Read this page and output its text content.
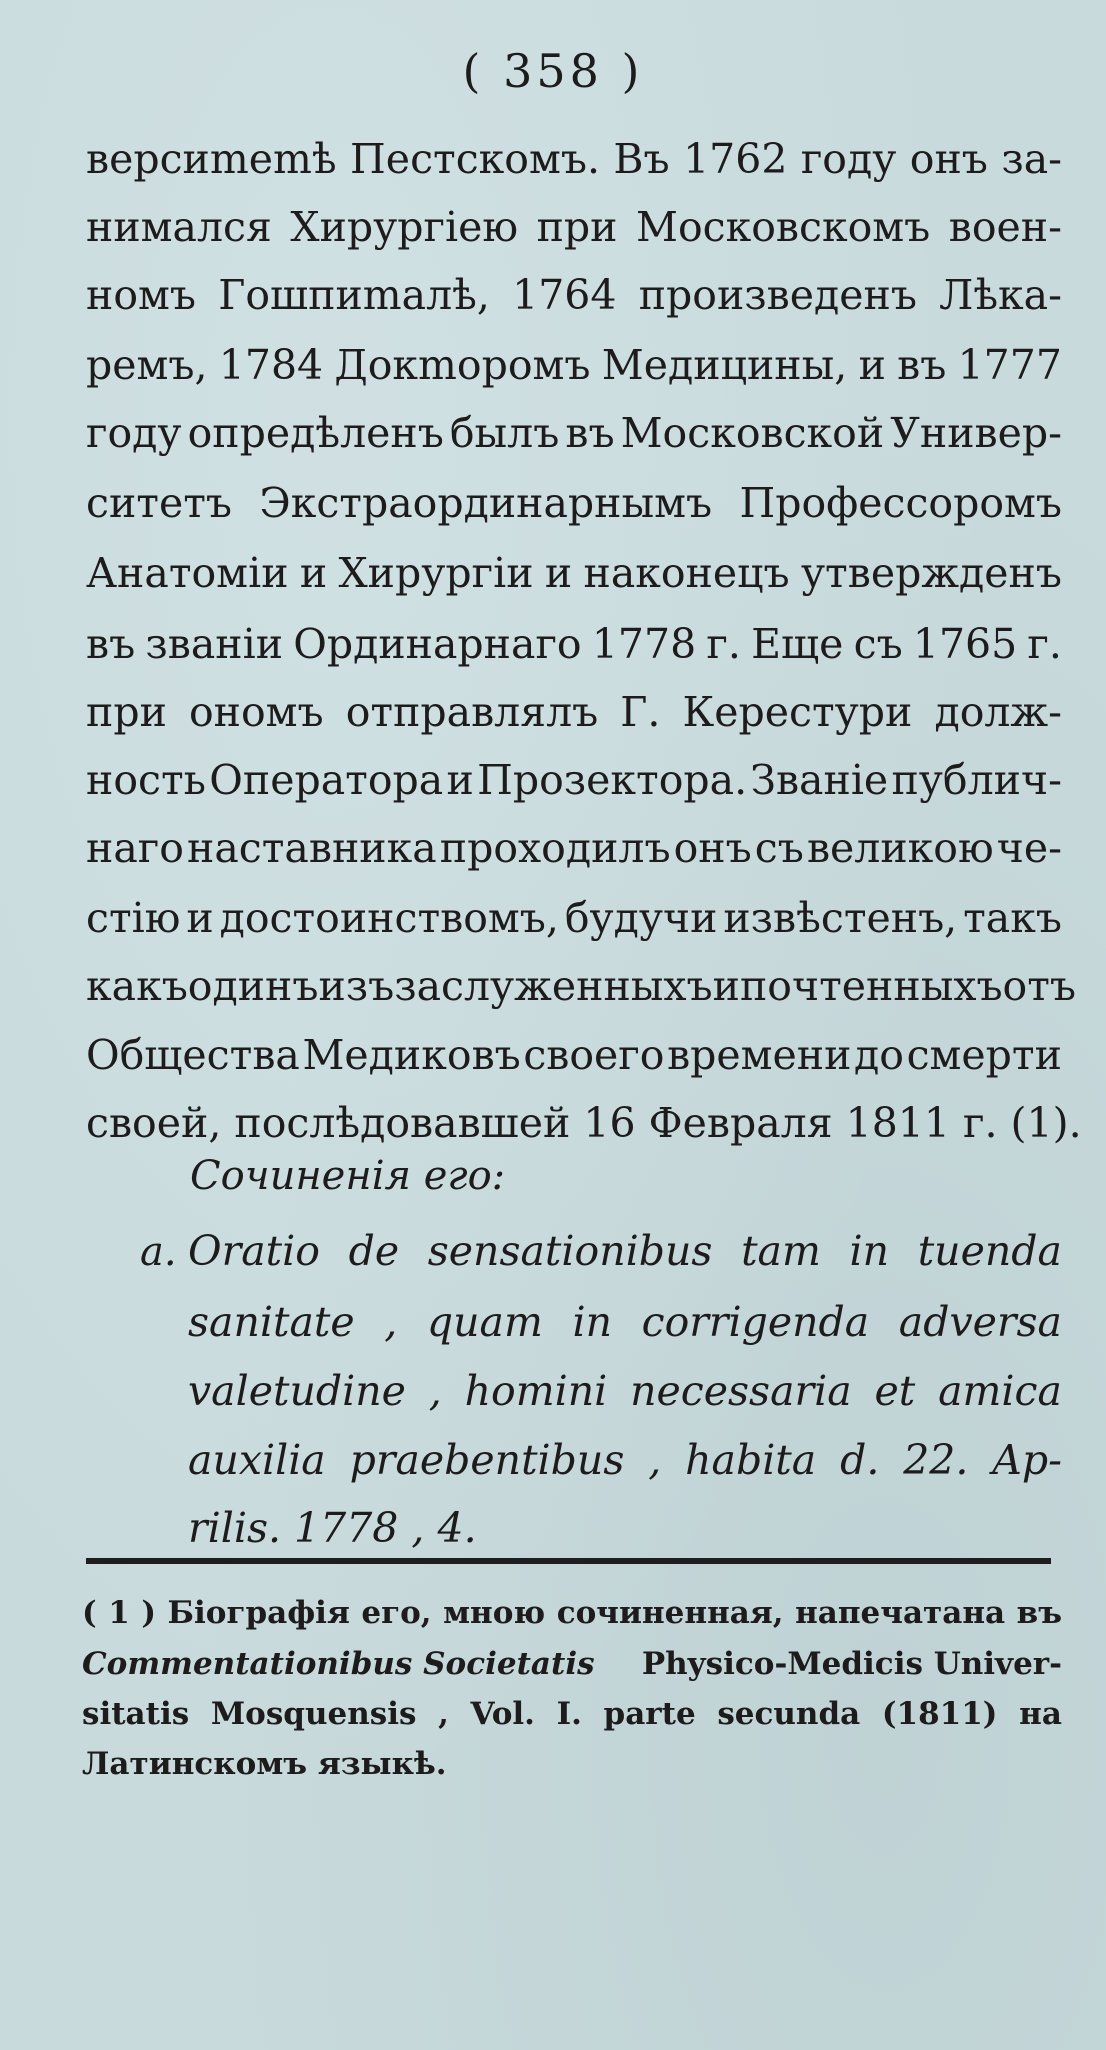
( 358 )
версиmеmѣ Пестскомъ. Въ 1762 году онъ за-
нимался Хирургiею при Московскомъ воен-
номъ Гошпиmалѣ, 1764 произведенъ Лѣка-
ремъ, 1784 Докmоромъ Медицины, и въ 1777
году опредѣленъ былъ въ Московской Универ-
ситетъ Экстраординарнымъ Профессоромъ
Анатомiи и Хирургiи и наконецъ утвержденъ
въ званiи Ординарнаго 1778 г. Еще съ 1765 г.
при ономъ отправлялъ Г. Керестури долж-
ность Оператора и Прозектора. Званiе публич-
наго наставника проходилъ онъ съ великою че-
стiю и достоинствомъ, будучи извѣстенъ, такъ
какъ одинъ изъ заслуженныхъ и почтенныхъ отъ
Общества Медиковъ своего времени до смерти
своей, послѣдовавшей 16 Февраля 1811 г. (1).
Сочиненiя его:
a. Oratio de sensationibus tam in tuenda
sanitate , quam in corrigenda adversa
valetudine , homini necessaria et amica
auxilia praebentibus , habita d. 22. Ap-
rilis. 1778 , 4.
( 1 ) Бiографiя его, мною сочиненная, напечатана въ
Commentationibus Societatis Physico-Medicis Univer-
sitatis Mosquensis , Vol. I. parte secunda (1811) на
Латинскомъ языкѣ.
